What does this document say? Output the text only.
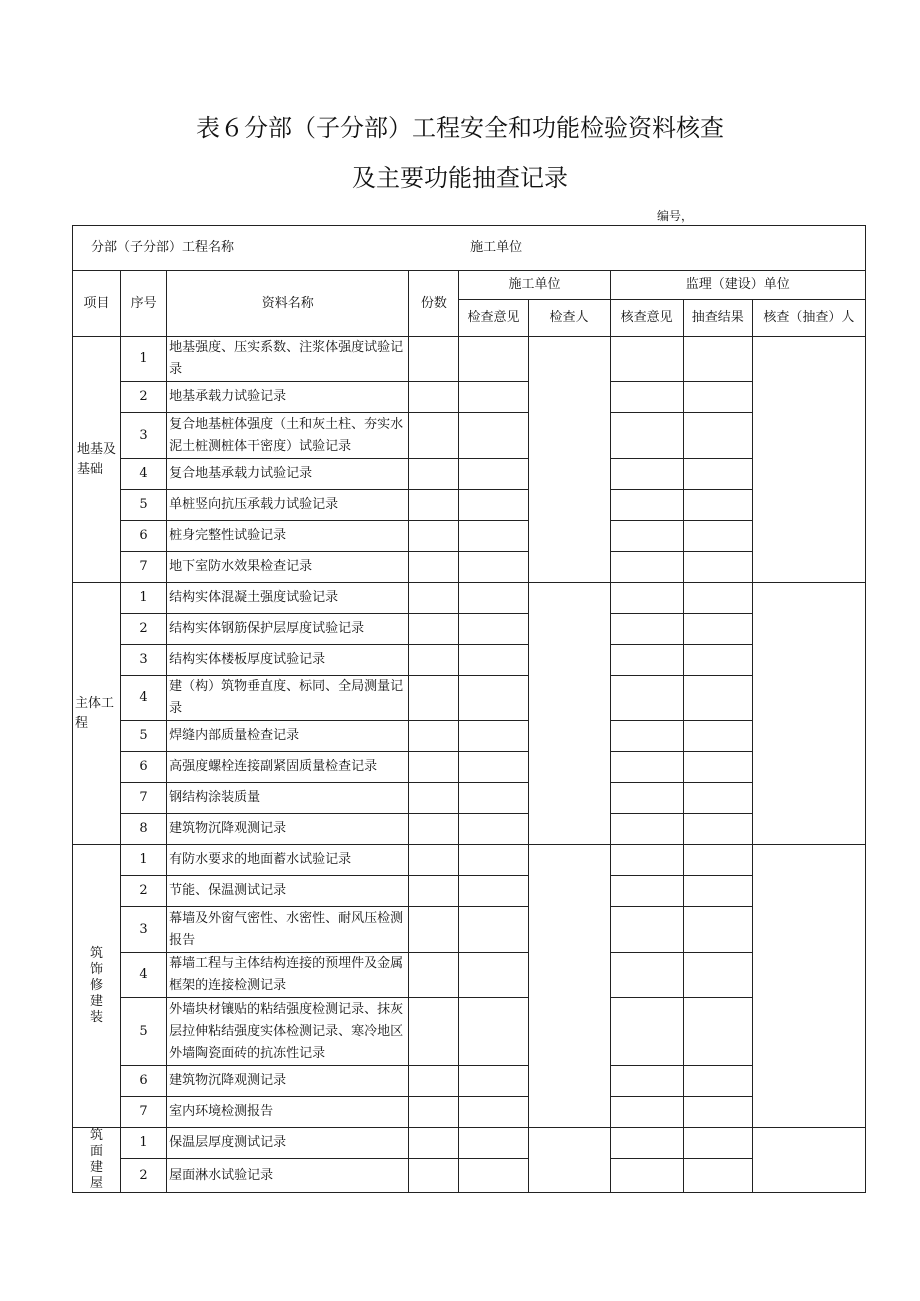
表６分部（子分部）工程安全和功能检验资料核查
及主要功能抽查记录
编号，
分部（子分部）工程名称 施工单位								
项目	序号	资料名称	份数	施工单位		监理（建设）单位		
				检查意见	检查人	核查意见	抽查结果	核查（抽查）人
地基及基础	1	地基强度、压实系数、注浆体强度试验记录						
	2	地基承载力试验记录						
	3	复合地基桩体强度（土和灰土柱、夯实水泥土桩测桩体干密度）试验记录						
	4	复合地基承载力试验记录						
	5	单桩竖向抗压承载力试验记录						
	6	桩身完整性试验记录						
	7	地下室防水效果检查记录						
主体工程	1	结构实体混凝土强度试验记录						
	2	结构实体钢筋保护层厚度试验记录						
	3	结构实体楼板厚度试验记录						
	4	建（构）筑物垂直度、标同、全局测量记录						
	5	焊缝内部质量检查记录						
	6	高强度螺栓连接副紧固质量检查记录						
	7	钢结构涂装质量						
	8	建筑物沉降观测记录						
筑饰修建装	1	有防水要求的地面蓄水试验记录						
	2	节能、保温测试记录						
	3	幕墙及外窗气密性、水密性、耐风压检测报告						
	4	幕墙工程与主体结构连接的预埋件及金属框架的连接检测记录						
	5	外墙块材镶贴的粘结强度检测记录、抹灰层拉伸粘结强度实体检测记录、寒冷地区外墙陶瓷面砖的抗冻性记录						
	6	建筑物沉降观测记录						
	7	室内环境检测报告						
筑面建屋	1	保温层厚度测试记录						
	2	屋面淋水试验记录						
